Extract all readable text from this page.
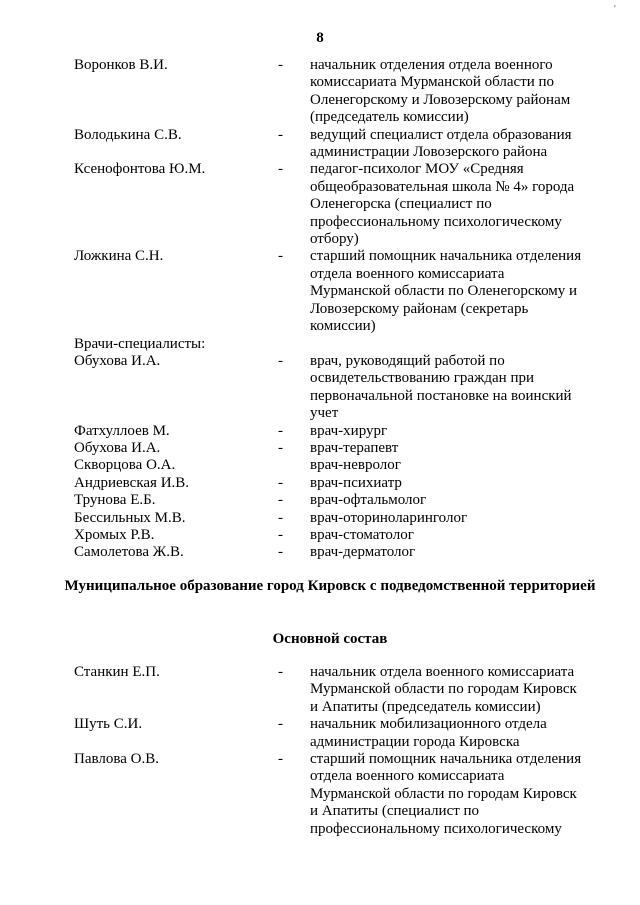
8
'
Воронков В.И.	- начальник отделения отдела военного
комиссариата Мурманской области по
Оленегорскому и Ловозерскому районам
(председатель комиссии)
Володькина С.В.	- ведущий специалист отдела образования
администрации Ловозерского района
Ксенофонтова Ю.М.	- педагог-психолог МОУ «Средняя
общеобразовательная школа № 4» города
Оленегорска (специалист по
профессиональному психологическому
отбору)
Ложкина С.Н.	- старший помощник начальника отделения
отдела военного комиссариата
Мурманской области по Оленегорскому и
Ловозерскому районам (секретарь
комиссии)
Врачи-специалисты:
Обухова И.А.	- врач, руководящий работой по
освидетельствованию граждан при
первоначальной постановке на воинский
учет
Фатхуллоев М.	- врач-хирург
Обухова И.А.	- врач-терапевт
Скворцова О.А.	врач-невролог
Андриевская И.В.	- врач-психиатр
Трунова Е.Б.	- врач-офтальмолог
Бессильных М.В.	- врач-оториноларинголог
Хромых Р.В.	- врач-стоматолог
Самолетова Ж.В.	- врач-дерматолог
Муниципальное образование город Кировск с подведомственной территорией
Основной состав
Станкин Е.П.	- начальник отдела военного комиссариата
Мурманской области по городам Кировск
и Апатиты (председатель комиссии)
Шуть С.И.	- начальник мобилизационного отдела
администрации города Кировска
Павлова О.В.	- старший помощник начальника отделения
отдела военного комиссариата
Мурманской области по городам Кировск
и Апатиты (специалист по
профессиональному психологическому
